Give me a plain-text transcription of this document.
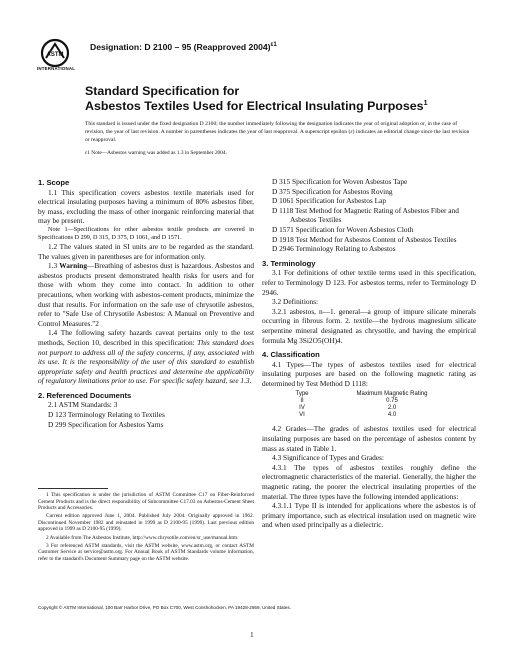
ASTM
INTERNATIONAL
Designation: D 2100 – 95 (Reapproved 2004)$^{\varepsilon 1}$
Standard Specification for
Asbestos Textiles Used for Electrical Insulating Purposes$^1$
This standard is issued under the fixed designation D 2100; the number immediately following the designation indicates the year of original adoption or, in the case of revision, the year of last revision. A number in parentheses indicates the year of last reapproval. A superscript epsilon (ε) indicates an editorial change since the last revision or reapproval.
ε1 Note—Asbestos warning was added as 1.3 in September 2004.
1. Scope

1.1 This specification covers asbestos textile materials used for electrical insulating purposes having a minimum of 80% asbestos fiber, by mass, excluding the mass of other inorganic reinforcing material that may be present.

Note 1—Specifications for other asbestos textile products are covered in Specifications D 299, D 315, D 375, D 1061, and D 1571.

1.2 The values stated in SI units are to be regarded as the standard. The values given in parentheses are for information only.

1.3 Warning—Breathing of asbestos dust is hazardous. Asbestos and asbestos products present demonstrated health risks for users and for those with whom they come into contact. In addition to other precautions, when working with asbestos-cement products, minimize the dust that results. For information on the safe use of chrysotile asbestos, refer to "Safe Use of Chrysotile Asbestos: A Manual on Preventive and Control Measures."2

1.4 The following safety hazards caveat pertains only to the test methods, Section 10, described in this specification: This standard does not purport to address all of the safety concerns, if any, associated with its use. It is the responsibility of the user of this standard to establish appropriate safety and health practices and determine the applicability of regulatory limitations prior to use. For specific safety hazard, see 1.3.

2. Referenced Documents

2.1 ASTM Standards: 3

D 123 Terminology Relating to Textiles
D 299 Specification for Asbestos Yarns

1 This specification is under the jurisdiction of ASTM Committee C17 on Fiber-Reinforced Cement Products and is the direct responsibility of Subcommittee C17.03 on Asbestos-Cement Sheet Products and Accessories.

Current edition approved June 1, 2004. Published July 2004. Originally approved in 1962. Discontinued November 1982 and reinstated in 1999 as D 2100-95 (1999). Last previous edition approved in 1999 as D 2100-95 (1999).

2 Available from The Asbestos Institute, http://www.chrysotile.com/en/sr_use/manual.htm.

3 For referenced ASTM standards, visit the ASTM website, www.astm.org, or contact ASTM Customer Service at service@astm.org. For Annual Book of ASTM Standards volume information, refer to the standard's Document Summary page on the ASTM website.

D 315 Specification for Woven Asbestos Tape
D 375 Specification for Asbestos Roving
D 1061 Specification for Asbestos Lap
D 1118 Test Method for Magnetic Rating of Asbestos Fiber and Asbestos Textiles
D 1571 Specification for Woven Asbestos Cloth
D 1918 Test Method for Asbestos Content of Asbestos Textiles
D 2946 Terminology Relating to Asbestos
3. Terminology

3.1 For definitions of other textile terms used in this specification, refer to Terminology D 123. For asbestos terms, refer to Terminology D 2946.

3.2 Definitions:

3.2.1 asbestos, n—1. general—a group of impure silicate minerals occurring in fibrous form. 2. textile—the hydrous magnesium silicate serpentine mineral designated as chrysotile, and having the empirical formula Mg 3Si2O5(OH)4.

4. Classification

4.1 Types—The types of asbestos textiles used for electrical insulating purposes are based on the following magnetic rating as determined by Test Method D 1118:

Type	Maximum Magnetic Rating
II	0.75
IV	2.0
VI	4.0

4.2 Grades—The grades of asbestos textiles used for electrical insulating purposes are based on the percentage of asbestos content by mass as stated in Table 1.

4.3 Significance of Types and Grades:

4.3.1 The types of asbestos textiles roughly define the electromagnetic characteristics of the material. Generally, the higher the magnetic rating, the poorer the electrical insulating properties of the material. The three types have the following intended applications:

4.3.1.1 Type II is intended for applications where the asbestos is of primary importance, such as electrical insulation used on magnetic wire and when used principally as a dielectric.

Copyright © ASTM International, 100 Barr Harbor Drive, PO Box C700, West Conshohocken, PA 19428-2959, United States.
1
